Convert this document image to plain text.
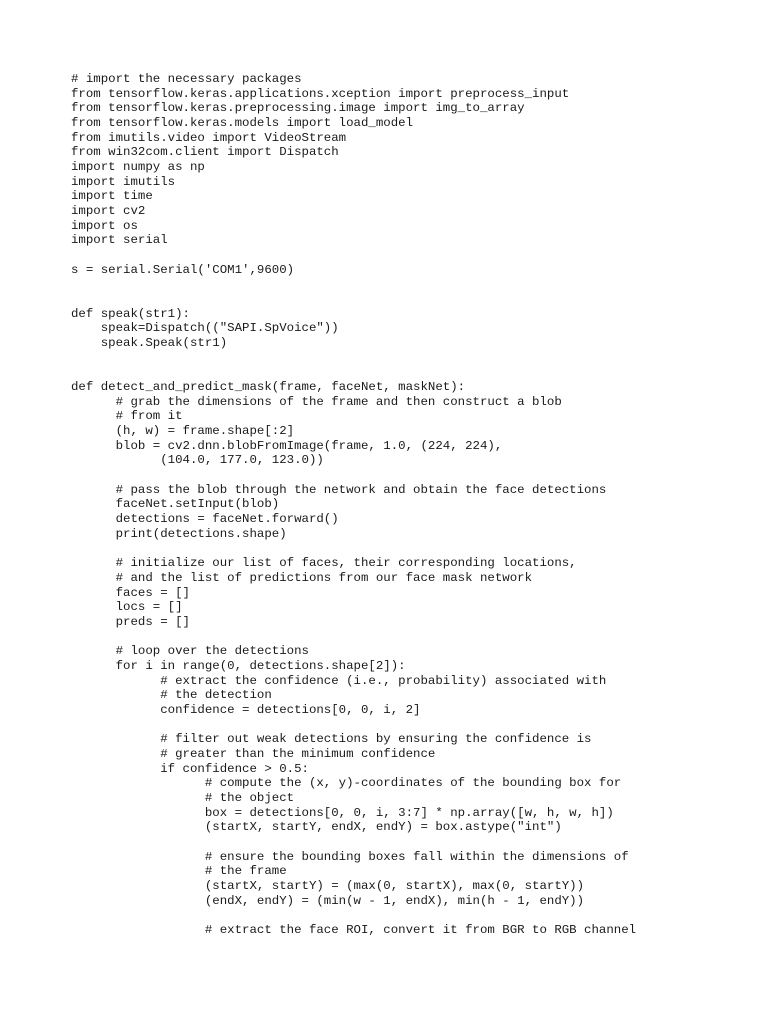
# import the necessary packages
from tensorflow.keras.applications.xception import preprocess_input
from tensorflow.keras.preprocessing.image import img_to_array
from tensorflow.keras.models import load_model
from imutils.video import VideoStream
from win32com.client import Dispatch
import numpy as np
import imutils
import time
import cv2
import os
import serial
s = serial.Serial('COM1',9600)
def speak(str1):
speak=Dispatch(("SAPI.SpVoice"))
speak.Speak(str1)
def detect_and_predict_mask(frame, faceNet, maskNet):
# grab the dimensions of the frame and then construct a blob
# from it
(h, w) = frame.shape[:2]
blob = cv2.dnn.blobFromImage(frame, 1.0, (224, 224),
(104.0, 177.0, 123.0))
# pass the blob through the network and obtain the face detections
faceNet.setInput(blob)
detections = faceNet.forward()
print(detections.shape)
# initialize our list of faces, their corresponding locations,
# and the list of predictions from our face mask network
faces = []
locs = []
preds = []
# loop over the detections
for i in range(0, detections.shape[2]):
# extract the confidence (i.e., probability) associated with
# the detection
confidence = detections[0, 0, i, 2]
# filter out weak detections by ensuring the confidence is
# greater than the minimum confidence
if confidence > 0.5:
# compute the (x, y)-coordinates of the bounding box for
# the object
box = detections[0, 0, i, 3:7] * np.array([w, h, w, h])
(startX, startY, endX, endY) = box.astype("int")
# ensure the bounding boxes fall within the dimensions of
# the frame
(startX, startY) = (max(0, startX), max(0, startY))
(endX, endY) = (min(w - 1, endX), min(h - 1, endY))
# extract the face ROI, convert it from BGR to RGB channel
